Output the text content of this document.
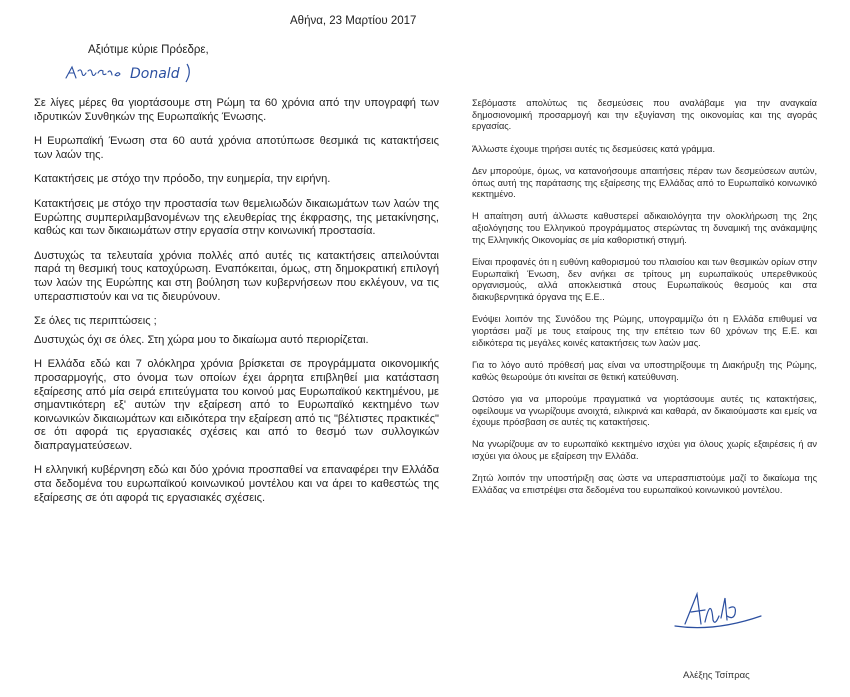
Αθήνα, 23 Μαρτίου 2017
Αξιότιμε κύριε Πρόεδρε,
Donald

Σε λίγες μέρες θα γιορτάσουμε στη Ρώμη τα 60 χρόνια από την υπογραφή των ιδρυτικών Συνθηκών της Ευρωπαϊκής Ένωσης.

Η Ευρωπαϊκή Ένωση στα 60 αυτά χρόνια αποτύπωσε θεσμικά τις κατακτήσεις των λαών της.

Κατακτήσεις με στόχο την πρόοδο, την ευημερία, την ειρήνη.

Κατακτήσεις με στόχο την προστασία των θεμελιωδών δικαιωμάτων των λαών της Ευρώπης συμπεριλαμβανομένων της ελευθερίας της έκφρασης, της μετακίνησης, καθώς και των δικαιωμάτων στην εργασία στην κοινωνική προστασία.

Δυστυχώς τα τελευταία χρόνια πολλές από αυτές τις κατακτήσεις απειλούνται παρά τη θεσμική τους κατοχύρωση. Εναπόκειται, όμως, στη δημοκρατική επιλογή των λαών της Ευρώπης και στη βούληση των κυβερνήσεων που εκλέγουν, να τις υπερασπιστούν και να τις διευρύνουν.

Σε όλες τις περιπτώσεις ;

Δυστυχώς όχι σε όλες. Στη χώρα μου το δικαίωμα αυτό περιορίζεται.

Η Ελλάδα εδώ και 7 ολόκληρα χρόνια βρίσκεται σε προγράμματα οικονομικής προσαρμογής, στο όνομα των οποίων έχει άρρητα επιβληθεί μια κατάσταση εξαίρεσης από μία σειρά επιτεύγματα του κοινού μας Ευρωπαϊκού κεκτημένου, με σημαντικότερη εξ' αυτών την εξαίρεση από το Ευρωπαϊκό κεκτημένο των κοινωνικών δικαιωμάτων και ειδικότερα την εξαίρεση από τις "βέλτιστες πρακτικές" σε ότι αφορά τις εργασιακές σχέσεις και από το θεσμό των συλλογικών διαπραγματεύσεων.

Η ελληνική κυβέρνηση εδώ και δύο χρόνια προσπαθεί να επαναφέρει την Ελλάδα στα δεδομένα του ευρωπαϊκού κοινωνικού μοντέλου και να άρει το καθεστώς της εξαίρεσης σε ότι αφορά τις εργασιακές σχέσεις.

Σεβόμαστε απολύτως τις δεσμεύσεις που αναλάβαμε για την αναγκαία δημοσιονομική προσαρμογή και την εξυγίανση της οικονομίας και της αγοράς εργασίας.

Άλλωστε έχουμε τηρήσει αυτές τις δεσμεύσεις κατά γράμμα.

Δεν μπορούμε, όμως, να κατανοήσουμε απαιτήσεις πέραν των δεσμεύσεων αυτών, όπως αυτή της παράτασης της εξαίρεσης της Ελλάδας από το Ευρωπαϊκό κοινωνικό κεκτημένο.

Η απαίτηση αυτή άλλωστε καθυστερεί αδικαιολόγητα την ολοκλήρωση της 2ης αξιολόγησης του Ελληνικού προγράμματος στερώντας τη δυναμική της ανάκαμψης της Ελληνικής Οικονομίας σε μία καθοριστική στιγμή.

Είναι προφανές ότι η ευθύνη καθορισμού του πλαισίου και των θεσμικών ορίων στην Ευρωπαϊκή Ένωση, δεν ανήκει σε τρίτους μη ευρωπαϊκούς υπερεθνικούς οργανισμούς, αλλά αποκλειστικά στους Ευρωπαϊκούς θεσμούς και στα διακυβερνητικά όργανα της Ε.Ε..

Ενόψει λοιπόν της Συνόδου της Ρώμης, υπογραμμίζω ότι η Ελλάδα επιθυμεί να γιορτάσει μαζί με τους εταίρους της την επέτειο των 60 χρόνων της Ε.Ε. και ειδικότερα τις μεγάλες κοινές κατακτήσεις των λαών μας.

Για το λόγο αυτό πρόθεσή μας είναι να υποστηρίξουμε τη Διακήρυξη της Ρώμης, καθώς θεωρούμε ότι κινείται σε θετική κατεύθυνση.

Ωστόσο για να μπορούμε πραγματικά να γιορτάσουμε αυτές τις κατακτήσεις, οφείλουμε να γνωρίζουμε ανοιχτά, ειλικρινά και καθαρά, αν δικαιούμαστε και εμείς να έχουμε πρόσβαση σε αυτές τις κατακτήσεις.

Να γνωρίζουμε αν το ευρωπαϊκό κεκτημένο ισχύει για όλους χωρίς εξαιρέσεις ή αν ισχύει για όλους με εξαίρεση την Ελλάδα.

Ζητώ λοιπόν την υποστήριξη σας ώστε να υπερασπιστούμε μαζί το δικαίωμα της Ελλάδας να επιστρέψει στα δεδομένα του ευρωπαϊκού κοινωνικού μοντέλου.

Αλέξης Τσίπρας
